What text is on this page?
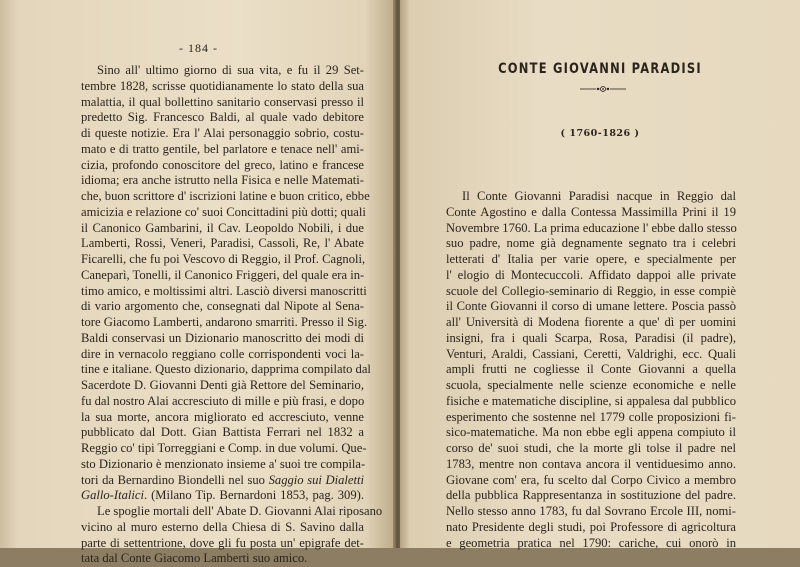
- 184 -
Sino all' ultimo giorno di sua vita, e fu il 29 Set-
tembre 1828, scrisse quotidianamente lo stato della sua
malattia, il qual bollettino sanitario conservasi presso il
predetto Sig. Francesco Baldi, al quale vado debitore
di queste notizie. Era l' Alai personaggio sobrio, costu-
mato e di tratto gentile, bel parlatore e tenace nell' ami-
cizia, profondo conoscitore del greco, latino e francese
idioma; era anche istrutto nella Fisica e nelle Matemati-
che, buon scrittore d' iscrizioni latine e buon critico, ebbe
amicizia e relazione co' suoi Concittadini più dotti; quali
il Canonico Gambarini, il Cav. Leopoldo Nobili, i due
Lamberti, Rossi, Veneri, Paradisi, Cassoli, Re, l' Abate
Ficarelli, che fu poi Vescovo di Reggio, il Prof. Cagnoli,
Caneparì, Tonelli, il Canonico Friggeri, del quale era in-
timo amico, e moltissimi altri. Lasciò diversi manoscritti
di vario argomento che, consegnati dal Nipote al Sena-
tore Giacomo Lamberti, andarono smarriti. Presso il Sig.
Baldi conservasi un Dizionario manoscritto dei modi di
dire in vernacolo reggiano colle corrispondenti voci la-
tine e italiane. Questo dizionario, dapprima compilato dal
Sacerdote D. Giovanni Denti già Rettore del Seminario,
fu dal nostro Alai accresciuto di mille e più frasi, e dopo
la sua morte, ancora migliorato ed accresciuto, venne
pubblicato dal Dott. Gian Battista Ferrari nel 1832 a
Reggio co' tipi Torreggiani e Comp. in due volumi. Que-
sto Dizionario è menzionato insieme a' suoi tre compila-
tori da Bernardino Biondelli nel suo Saggio sui Dialetti
Gallo-Italici. (Milano Tip. Bernardoni 1853, pag. 309).
Le spoglie mortali dell' Abate D. Giovanni Alai riposano
vicino al muro esterno della Chiesa di S. Savino dalla
parte di settentrione, dove gli fu posta un' epigrafe det-
tata dal Conte Giacomo Lamberti suo amico.
CONTE GIOVANNI PARADISI
( 1760-1826 )
Il Conte Giovanni Paradisi nacque in Reggio dal
Conte Agostino e dalla Contessa Massimilla Prini il 19
Novembre 1760. La prima educazione l' ebbe dallo stesso
suo padre, nome già degnamente segnato tra i celebri
letterati d' Italia per varie opere, e specialmente per
l' elogio di Montecuccoli. Affidato dappoi alle private
scuole del Collegio-seminario di Reggio, in esse compiè
il Conte Giovanni il corso di umane lettere. Poscia passò
all' Università di Modena fiorente a que' dì per uomini
insigni, fra i quali Scarpa, Rosa, Paradisi (il padre),
Venturi, Araldi, Cassiani, Ceretti, Valdrighi, ecc. Quali
ampli frutti ne cogliesse il Conte Giovanni a quella
scuola, specialmente nelle scienze economiche e nelle
fisiche e matematiche discipline, si appalesa dal pubblico
esperimento che sostenne nel 1779 colle proposizioni fi-
sico-matematiche. Ma non ebbe egli appena compiuto il
corso de' suoi studi, che la morte gli tolse il padre nel
1783, mentre non contava ancora il ventiduesimo anno.
Giovane com' era, fu scelto dal Corpo Civico a membro
della pubblica Rappresentanza in sostituzione del padre.
Nello stesso anno 1783, fu dal Sovrano Ercole III, nomi-
nato Presidente degli studi, poi Professore di agricoltura
e geometria pratica nel 1790: cariche, cui onorò in
